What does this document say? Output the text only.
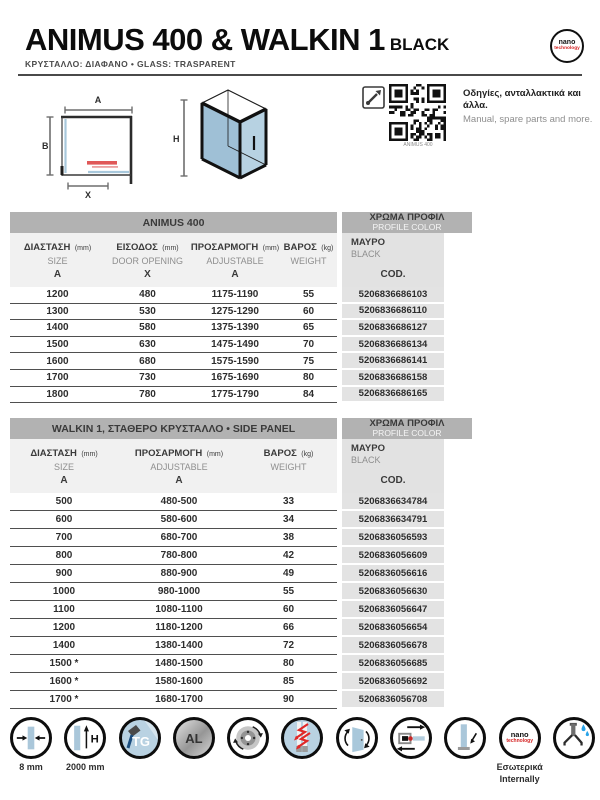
ANIMUS 400 & WALKIN 1 BLACK
ΚΡΥΣΤΑΛΛΟ: ΔΙΑΦΑΝΟ • GLASS: TRASPARENT
nano
technology
A
B
X
H
ANIMUS 400
Οδηγίες, ανταλλακτικά και άλλα.
Manual, spare parts and more.
ANIMUS 400	ΧΡΩΜΑ ΠΡΟΦΙΛ
PROFILE COLOR
ΔΙΑΣΤΑΣΗ (mm)
SIZE
ΕΙΣΟΔΟΣ (mm)
DOOR OPENING
ΠΡΟΣΑΡΜΟΓΗ (mm)
ADJUSTABLE
ΒΑΡΟΣ (kg)
WEIGHT
ΜΑΥΡΟ
BLACK
A	X	A	COD.
1200	480	1175-1190	55	5206836686103
1300	530	1275-1290	60	5206836686110
1400	580	1375-1390	65	5206836686127
1500	630	1475-1490	70	5206836686134
1600	680	1575-1590	75	5206836686141
1700	730	1675-1690	80	5206836686158
1800	780	1775-1790	84	5206836686165
WALKIN 1, ΣΤΑΘΕΡΟ ΚΡΥΣΤΑΛΛΟ • SIDE PANEL	ΧΡΩΜΑ ΠΡΟΦΙΛ
PROFILE COLOR
ΔΙΑΣΤΑΣΗ (mm)
SIZE
ΠΡΟΣΑΡΜΟΓΗ (mm)
ADJUSTABLE
ΒΑΡΟΣ (kg)
WEIGHT
ΜΑΥΡΟ
BLACK
A	A	COD.
500	480-500	33	5206836634784
600	580-600	34	5206836634791
700	680-700	38	5206836056593
800	780-800	42	5206836056609
900	880-900	49	5206836056616
1000	980-1000	55	5206836056630
1100	1080-1100	60	5206836056647
1200	1180-1200	66	5206836056654
1400	1380-1400	72	5206836056678
1500 *	1480-1500	80	5206836056685
1600 *	1580-1600	85	5206836056692
1700 *	1680-1700	90	5206836056708
8 mm
H
2000 mm
TG	AL	nano
technology
Εσωτερικά
Internally
